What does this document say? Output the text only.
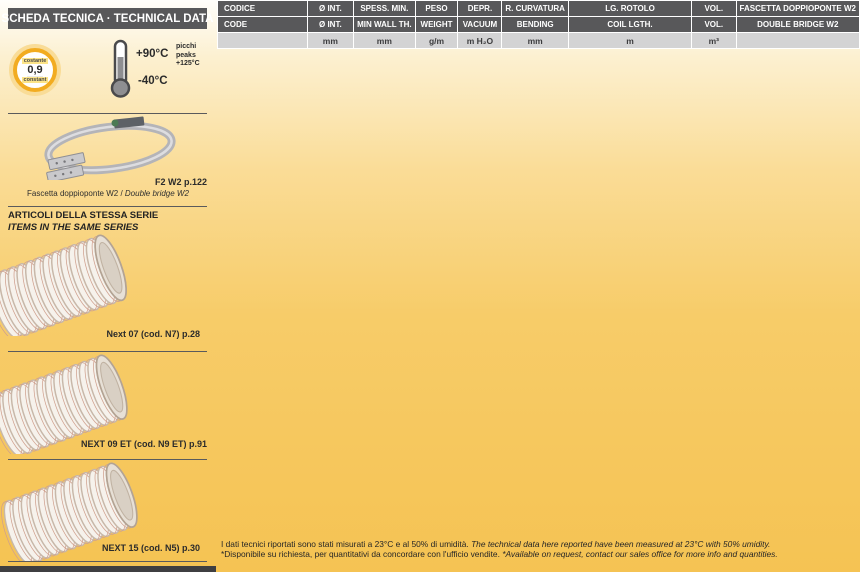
SCHEDA TECNICA · TECHNICAL DATA
costante
0,9
constant
+90°C
-40°C
picchi
peaks
+125°C
F2 W2 p.122
Fascetta doppioponte W2 / Double bridge W2
ARTICOLI DELLA STESSA SERIE
ITEMS IN THE SAME SERIES
Next 07 (cod. N7) p.28
NEXT 09 ET (cod. N9 ET) p.91
NEXT 15 (cod. N5) p.30
CODICE	Ø INT.	SPESS. MIN.	PESO	DEPR.	R. CURVATURA	LG. ROTOLO	VOL.	FASCETTA DOPPIOPONTE W2
CODE	Ø INT.	MIN WALL TH.	WEIGHT	VACUUM	BENDING	COIL LGTH.	VOL.	DOUBLE BRIDGE W2
	mm	mm	g/m	m H₂O	mm	m	m³	
I dati tecnici riportati sono stati misurati a 23°C e al 50% di umidità. The technical data here reported have been measured at 23°C with 50% umidity.
*Disponibile su richiesta, per quantitativi da concordare con l'ufficio vendite. *Available on request, contact our sales office for more info and quantities.
